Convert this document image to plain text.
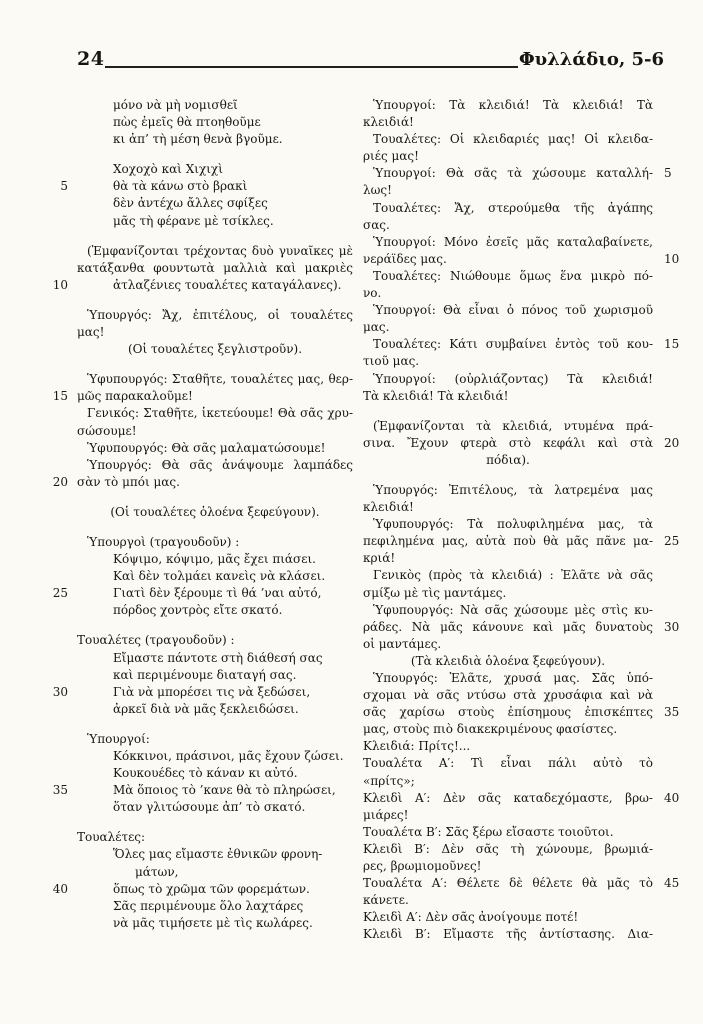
24	Φυλλάδιο, 5-6
μόνο νὰ μὴ νομισθεῖ
πὼς ἐμεῖς θὰ πτοηθοῦμε
κι ἀπ’ τὴ μέση θενὰ βγοῦμε.
Χοχοχὸ καὶ Χιχιχὶ
5	θὰ τὰ κάνω στὸ βρακὶ
δὲν ἀντέχω ἄλλες σφίξες
μᾶς τὴ φέρανε μὲ τσίκλες.
(Ἐμφανίζονται τρέχοντας δυὸ γυναῖκες μὲ
κατάξανθα φουντωτὰ μαλλιὰ καὶ μακριὲς
10	ἀτλαζένιες τουαλέτες καταγάλανες).
Ὑπουργός: Ἄχ, ἐπιτέλους, οἱ τουαλέτες
μας!
(Οἱ τουαλέτες ξεγλιστροῦν).
Ὑφυπουργός: Σταθῆτε, τουαλέτες μας, θερ-
15 μῶς παρακαλοῦμε!
Γενικός: Σταθῆτε, ἱκετεύουμε! Θὰ σᾶς χρυ-
σώσουμε!
Ὑφυπουργός: Θὰ σᾶς μαλαματώσουμε!
Ὑπουργός: Θὰ σᾶς ἀνάψουμε λαμπάδες
20 σὰν τὸ μπόι μας.
(Οἱ τουαλέτες ὁλοένα ξεφεύγουν).
Ὑπουργοὶ (τραγουδοῦν) :
Κόψιμο, κόψιμο, μᾶς ἔχει πιάσει.
Καὶ δὲν τολμάει κανεὶς νὰ κλάσει.
25	Γιατὶ δὲν ξέρουμε τὶ θά ’ναι αὐτό,
πόρδος χοντρὸς εἴτε σκατό.
Τουαλέτες (τραγουδοῦν) :
Εἴμαστε πάντοτε στὴ διάθεσή σας
καὶ περιμένουμε διαταγή σας.
30	Γιὰ νὰ μπορέσει τις νὰ ξεδώσει,
ἀρκεῖ διὰ νὰ μᾶς ξεκλειδώσει.
Ὑπουργοί:
Κόκκινοι, πράσινοι, μᾶς ἔχουν ζώσει.
Κουκουέδες τὸ κάναν κι αὐτό.
35	Μὰ ὅποιος τὸ ’κανε θὰ τὸ πληρώσει,
ὅταν γλιτώσουμε ἀπ’ τὸ σκατό.
Τουαλέτες:
Ὅλες μας εἴμαστε ἐθνικῶν φρονη-
μάτων,
40	ὅπως τὸ χρῶμα τῶν φορεμάτων.
Σᾶς περιμένουμε ὅλο λαχτάρες
νὰ μᾶς τιμήσετε μὲ τὶς κωλάρες.
Ὑπουργοί: Τὰ κλειδιά! Τὰ κλειδιά! Τὰ
κλειδιά!
Τουαλέτες: Οἱ κλειδαριές μας! Οἱ κλειδα-
ριές μας!
5
Ὑπουργοί: Θὰ σᾶς τὰ χώσουμε καταλλή-
λως!
Τουαλέτες: Ἄχ, στερούμεθα τῆς ἀγάπης
σας.
Ὑπουργοί: Μόνο ἐσεῖς μᾶς καταλαβαίνετε,
10
νεράϊδες μας.
Τουαλέτες: Νιώθουμε ὅμως ἕνα μικρὸ πό-
νο.
Ὑπουργοί: Θὰ εἶναι ὁ πόνος τοῦ χωρισμοῦ
μας.
15
Τουαλέτες: Κάτι συμβαίνει ἐντὸς τοῦ κου-
τιοῦ μας.
Ὑπουργοί: (οὐρλιάζοντας) Τὰ κλειδιά!
Τὰ κλειδιά! Τὰ κλειδιά!
(Ἐμφανίζονται τὰ κλειδιά, ντυμένα πρά-
20
σινα. Ἔχουν φτερὰ στὸ κεφάλι καὶ στὰ
πόδια).
Ὑπουργός: Ἐπιτέλους, τὰ λατρεμένα μας
κλειδιά!
Ὑφυπουργός: Τὰ πολυφιλημένα μας, τὰ
25
πεφιλημένα μας, αὐτὰ ποὺ θὰ μᾶς πᾶνε μα-
κριά!
Γενικὸς (πρὸς τὰ κλειδιά) : Ἐλᾶτε νὰ σᾶς
σμίξω μὲ τὶς μαντάμες.
Ὑφυπουργός: Νὰ σᾶς χώσουμε μὲς στὶς κυ-
30
ράδες. Νὰ μᾶς κάνουνε καὶ μᾶς δυνατοὺς
οἱ μαντάμες.
(Τὰ κλειδιὰ ὁλοένα ξεφεύγουν).
Ὑπουργός: Ἐλᾶτε, χρυσά μας. Σᾶς ὑπό-
σχομαι νὰ σᾶς ντύσω στὰ χρυσάφια καὶ νὰ
35
σᾶς χαρίσω στοὺς ἐπίσημους ἐπισκέπτες
μας, στοὺς πιὸ διακεκριμένους φασίστες.
Κλειδιά: Πρίτς!...
Τουαλέτα Α′: Τὶ εἶναι πάλι αὐτὸ τὸ
«πρίτς»;
40
Κλειδὶ Α′: Δὲν σᾶς καταδεχόμαστε, βρω-
μιάρες!
Τουαλέτα Β′: Σᾶς ξέρω εἴσαστε τοιοῦτοι.
Κλειδὶ Β′: Δὲν σᾶς τὴ χώνουμε, βρωμιά-
ρες, βρωμιομοῦνες!
45
Τουαλέτα Α′: Θέλετε δὲ θέλετε θὰ μᾶς τὸ
κάνετε.
Κλειδὶ Α′: Δὲν σᾶς ἀνοίγουμε ποτέ!
Κλειδὶ Β′: Εἴμαστε τῆς ἀντίστασης. Δια-
